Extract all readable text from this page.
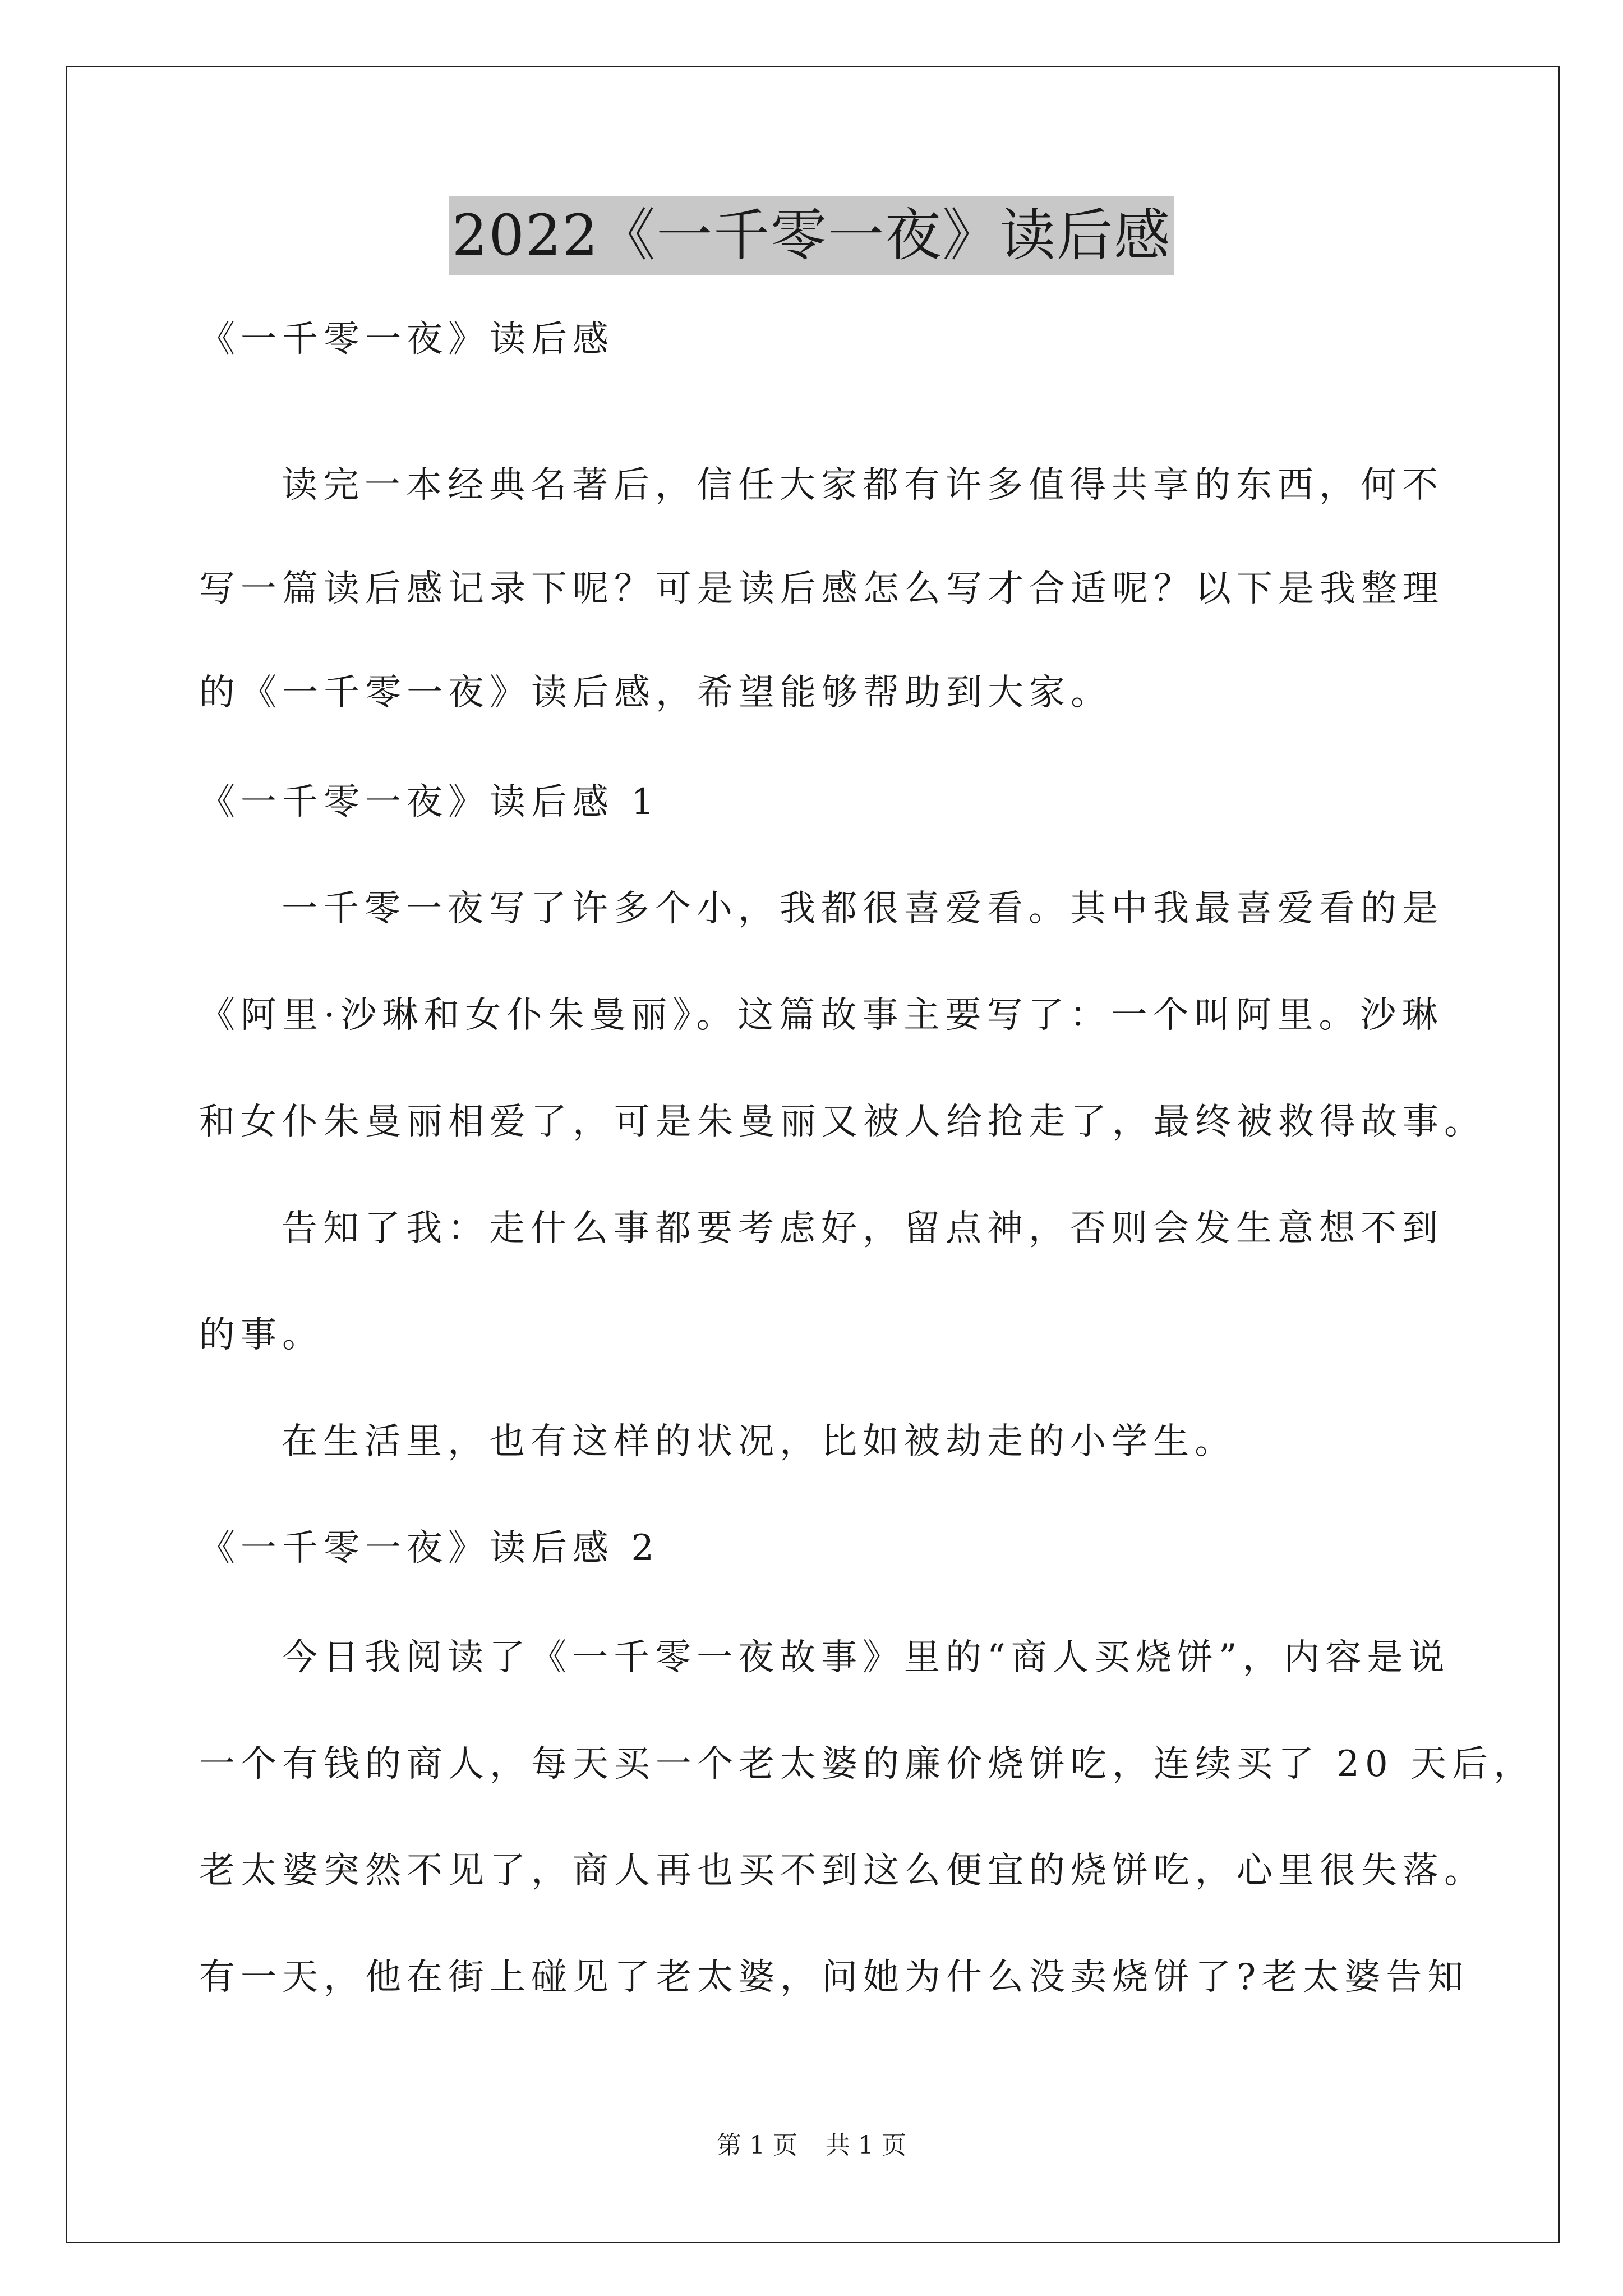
2022《一千零一夜》读后感
《一千零一夜》读后感
读完一本经典名著后，信任大家都有许多值得共享的东西，何不
写一篇读后感记录下呢？可是读后感怎么写才合适呢？以下是我整理
的《一千零一夜》读后感，希望能够帮助到大家。
《一千零一夜》读后感 1
一千零一夜写了许多个小，我都很喜爱看。其中我最喜爱看的是
《阿里·沙琳和女仆朱曼丽》。这篇故事主要写了：一个叫阿里。沙琳
和女仆朱曼丽相爱了，可是朱曼丽又被人给抢走了，最终被救得故事。
告知了我：走什么事都要考虑好，留点神，否则会发生意想不到
的事。
在生活里，也有这样的状况，比如被劫走的小学生。
《一千零一夜》读后感 2
今日我阅读了《一千零一夜故事》里的“商人买烧饼”，内容是说
一个有钱的商人，每天买一个老太婆的廉价烧饼吃，连续买了 20 天后，
老太婆突然不见了，商人再也买不到这么便宜的烧饼吃，心里很失落。
有一天，他在街上碰见了老太婆，问她为什么没卖烧饼了?老太婆告知
第 1 页 共 1 页
